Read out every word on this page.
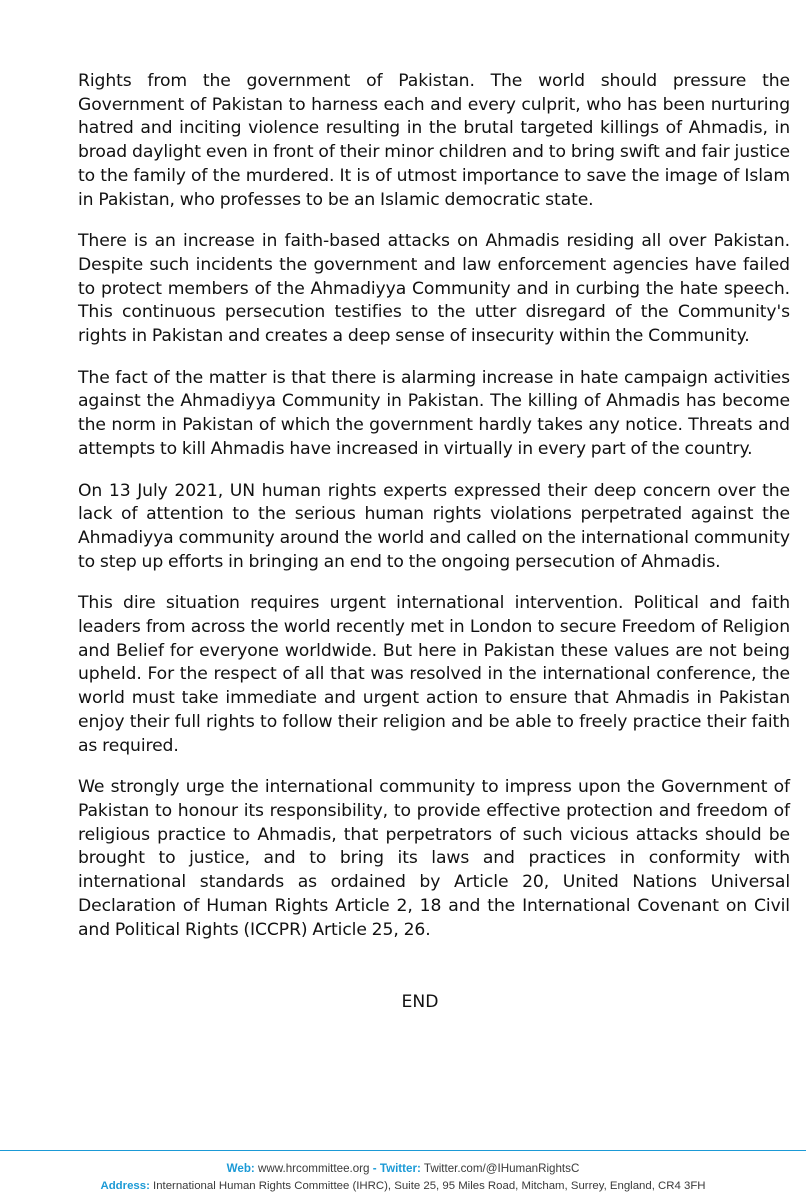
Rights from the government of Pakistan. The world should pressure the Government of Pakistan to harness each and every culprit, who has been nurturing hatred and inciting violence resulting in the brutal targeted killings of Ahmadis, in broad daylight even in front of their minor children and to bring swift and fair justice to the family of the murdered. It is of utmost importance to save the image of Islam in Pakistan, who professes to be an Islamic democratic state.

There is an increase in faith-based attacks on Ahmadis residing all over Pakistan. Despite such incidents the government and law enforcement agencies have failed to protect members of the Ahmadiyya Community and in curbing the hate speech. This continuous persecution testifies to the utter disregard of the Community's rights in Pakistan and creates a deep sense of insecurity within the Community.

The fact of the matter is that there is alarming increase in hate campaign activities against the Ahmadiyya Community in Pakistan. The killing of Ahmadis has become the norm in Pakistan of which the government hardly takes any notice. Threats and attempts to kill Ahmadis have increased in virtually in every part of the country.

On 13 July 2021, UN human rights experts expressed their deep concern over the lack of attention to the serious human rights violations perpetrated against the Ahmadiyya community around the world and called on the international community to step up efforts in bringing an end to the ongoing persecution of Ahmadis.

This dire situation requires urgent international intervention. Political and faith leaders from across the world recently met in London to secure Freedom of Religion and Belief for everyone worldwide. But here in Pakistan these values are not being upheld. For the respect of all that was resolved in the international conference, the world must take immediate and urgent action to ensure that Ahmadis in Pakistan enjoy their full rights to follow their religion and be able to freely practice their faith as required.

We strongly urge the international community to impress upon the Government of Pakistan to honour its responsibility, to provide effective protection and freedom of religious practice to Ahmadis, that perpetrators of such vicious attacks should be brought to justice, and to bring its laws and practices in conformity with international standards as ordained by Article 20, United Nations Universal Declaration of Human Rights Article 2, 18 and the International Covenant on Civil and Political Rights (ICCPR) Article 25, 26.

END
Web: www.hrcommittee.org - Twitter: Twitter.com/@IHumanRightsC
Address: International Human Rights Committee (IHRC), Suite 25, 95 Miles Road, Mitcham, Surrey, England, CR4 3FH
